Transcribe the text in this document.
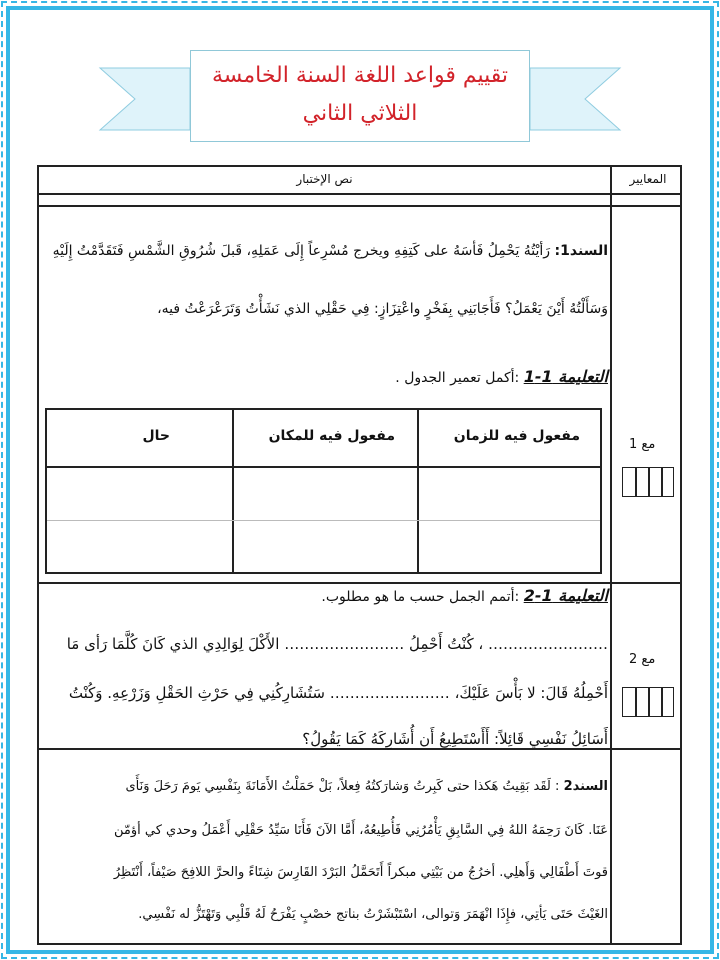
تقييم قواعد اللغة السنة الخامسة
الثلاثي الثاني
المعايير
نص الإختبار
مع 1
مع 2
السند1: رَأيْتُهُ يَحْمِلُ فَأسَهُ على كَتِفِهِ ويخرج مُسْرِعاً إِلَى عَمَلِهِ، قَبلَ شُرُوقِ الشَّمْسِ فَتَقَدَّمْتُ إِلَيْهِ
وَسَأَلْتُهُ أَيْنَ يَعْمَلُ؟ فَأَجَابَنِي بِفَخْرٍ واعْتِزَازٍ: فِي حَقْلِي الذي نَشَأْتُ وَتَرَعْرَعْتُ فيه،
التعليمة 1-1 :أكمل تعمير الجدول .
مفعول فيه للزمان
مفعول فيه للمكان
حال
التعليمة 1-2 :أتمم الجمل حسب ما هو مطلوب.
…………………… ، كُنْتُ أَحْمِلُ …………………… الأَكْلَ لِوَالِدِي الذي كَانَ كُلَّمَا رَأى مَا
أَحْمِلُهُ قَالَ: لا بَأْسَ عَلَيْكَ، …………………… سَتُشَارِكُنِي فِي حَرْثِ الحَقْلِ وَزَرْعِهِ. وَكُنْتُ
أَسَائِلُ نَفْسِي قَائِلاً: أَأَسْتَطِيعُ أَن أُشَارِكَهُ كَمَا يَقُولُ؟
السند2 : لَقَد بَقِيتُ هَكذا حتى كَبِرتُ وَشارَكتُهُ فِعلاً، بَلْ حَمَلْتُ الأَمَانَةَ بِنَفْسِي يَومَ رَحَلَ وَنَأَى
عَنَا. كَانَ رَحِمَهُ اللهُ فِي السَّابِقِ يَأْمُرُنِي فَأُطِيعُهُ، أَمَّا الآنَ فَأَنَا سَيِّدُ حَقْلِي أَعْمَلُ وحدي كي أؤمّن
قوتَ أَطْفَالِي وَأَهلِي. أخرُجُ من بَيْتِي مبكراً أَتَحَمَّلُ البَرْدَ القَارِسَ شِتَاءً والحرَّ اللافِحَ صَيْفاً، أَنْتَظِرُ
الغَيْثَ حَتَى يَأتِي، فإِذَا انْهَمَرَ وَتوالى، اسْتَبْشَرْتُ بناتج خصْبٍ يَفْرَحُ لَهُ قَلْبِي وَتَهْتَزُّ له نَفْسِي.
